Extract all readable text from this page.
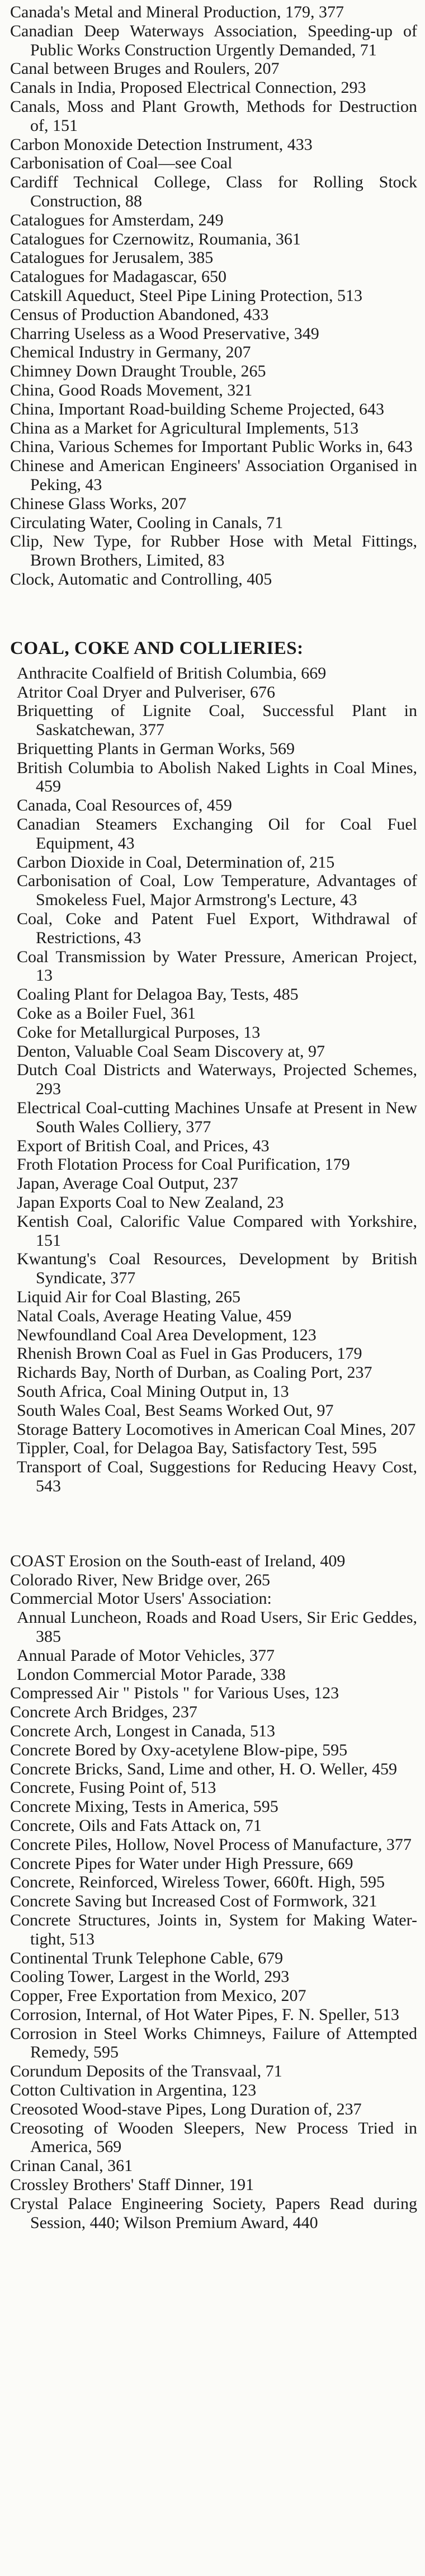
Canada's Metal and Mineral Production, 179, 377

Canadian Deep Waterways Association, Speeding-up of Public Works Construction Urgently Demanded, 71

Canal between Bruges and Roulers, 207

Canals in India, Proposed Electrical Connection, 293

Canals, Moss and Plant Growth, Methods for Destruction of, 151

Carbon Monoxide Detection Instrument, 433

Carbonisation of Coal—see Coal

Cardiff Technical College, Class for Rolling Stock Construction, 88

Catalogues for Amsterdam, 249

Catalogues for Czernowitz, Roumania, 361

Catalogues for Jerusalem, 385

Catalogues for Madagascar, 650

Catskill Aqueduct, Steel Pipe Lining Protection, 513

Census of Production Abandoned, 433

Charring Useless as a Wood Preservative, 349

Chemical Industry in Germany, 207

Chimney Down Draught Trouble, 265

China, Good Roads Movement, 321

China, Important Road-building Scheme Projected, 643

China as a Market for Agricultural Implements, 513

China, Various Schemes for Important Public Works in, 643

Chinese and American Engineers' Association Organised in Peking, 43

Chinese Glass Works, 207

Circulating Water, Cooling in Canals, 71

Clip, New Type, for Rubber Hose with Metal Fittings, Brown Brothers, Limited, 83

Clock, Automatic and Controlling, 405

COAL, COKE AND COLLIERIES:

Anthracite Coalfield of British Columbia, 669

Atritor Coal Dryer and Pulveriser, 676

Briquetting of Lignite Coal, Successful Plant in Saskatchewan, 377

Briquetting Plants in German Works, 569

British Columbia to Abolish Naked Lights in Coal Mines, 459

Canada, Coal Resources of, 459

Canadian Steamers Exchanging Oil for Coal Fuel Equipment, 43

Carbon Dioxide in Coal, Determination of, 215

Carbonisation of Coal, Low Temperature, Advantages of Smokeless Fuel, Major Armstrong's Lecture, 43

Coal, Coke and Patent Fuel Export, Withdrawal of Restrictions, 43

Coal Transmission by Water Pressure, American Project, 13

Coaling Plant for Delagoa Bay, Tests, 485

Coke as a Boiler Fuel, 361

Coke for Metallurgical Purposes, 13

Denton, Valuable Coal Seam Discovery at, 97

Dutch Coal Districts and Waterways, Projected Schemes, 293

Electrical Coal-cutting Machines Unsafe at Present in New South Wales Colliery, 377

Export of British Coal, and Prices, 43

Froth Flotation Process for Coal Purification, 179

Japan, Average Coal Output, 237

Japan Exports Coal to New Zealand, 23

Kentish Coal, Calorific Value Compared with Yorkshire, 151

Kwantung's Coal Resources, Development by British Syndicate, 377

Liquid Air for Coal Blasting, 265

Natal Coals, Average Heating Value, 459

Newfoundland Coal Area Development, 123

Rhenish Brown Coal as Fuel in Gas Producers, 179

Richards Bay, North of Durban, as Coaling Port, 237

South Africa, Coal Mining Output in, 13

South Wales Coal, Best Seams Worked Out, 97

Storage Battery Locomotives in American Coal Mines, 207

Tippler, Coal, for Delagoa Bay, Satisfactory Test, 595

Transport of Coal, Suggestions for Reducing Heavy Cost, 543

COAST Erosion on the South-east of Ireland, 409

Colorado River, New Bridge over, 265

Commercial Motor Users' Association:

Annual Luncheon, Roads and Road Users, Sir Eric Geddes, 385

Annual Parade of Motor Vehicles, 377

London Commercial Motor Parade, 338

Compressed Air " Pistols " for Various Uses, 123

Concrete Arch Bridges, 237

Concrete Arch, Longest in Canada, 513

Concrete Bored by Oxy-acetylene Blow-pipe, 595

Concrete Bricks, Sand, Lime and other, H. O. Weller, 459

Concrete, Fusing Point of, 513

Concrete Mixing, Tests in America, 595

Concrete, Oils and Fats Attack on, 71

Concrete Piles, Hollow, Novel Process of Manufacture, 377

Concrete Pipes for Water under High Pressure, 669

Concrete, Reinforced, Wireless Tower, 660ft. High, 595

Concrete Saving but Increased Cost of Formwork, 321

Concrete Structures, Joints in, System for Making Water-tight, 513

Continental Trunk Telephone Cable, 679

Cooling Tower, Largest in the World, 293

Copper, Free Exportation from Mexico, 207

Corrosion, Internal, of Hot Water Pipes, F. N. Speller, 513

Corrosion in Steel Works Chimneys, Failure of Attempted Remedy, 595

Corundum Deposits of the Transvaal, 71

Cotton Cultivation in Argentina, 123

Creosoted Wood-stave Pipes, Long Duration of, 237

Creosoting of Wooden Sleepers, New Process Tried in America, 569

Crinan Canal, 361

Crossley Brothers' Staff Dinner, 191

Crystal Palace Engineering Society, Papers Read during Session, 440; Wilson Premium Award, 440
